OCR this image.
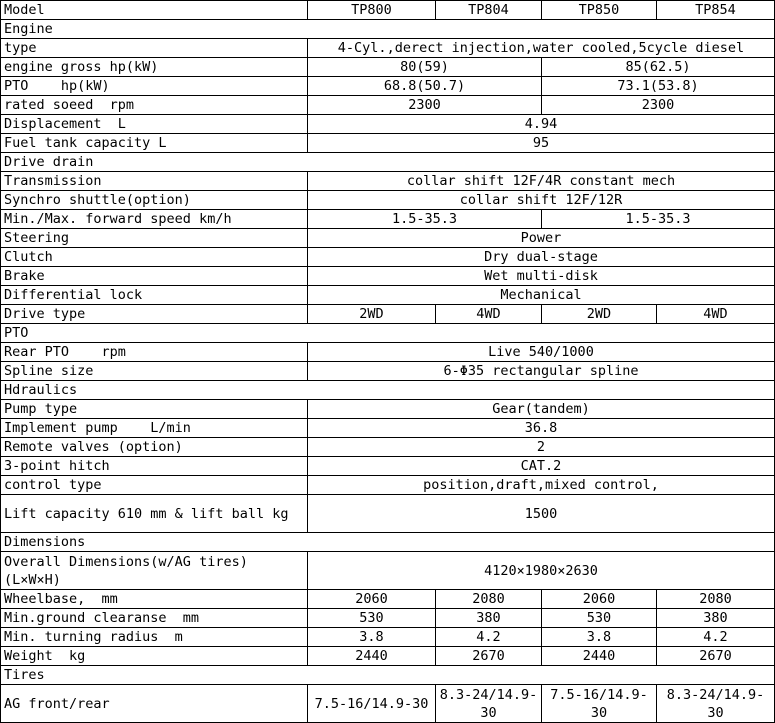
Model	TP800	TP804	TP850	TP854
Engine				
type	4-Cyl.,derect injection,water cooled,5cycle diesel			
engine gross hp(kW)	80(59)		85(62.5)	
PTO    hp(kW)	68.8(50.7)		73.1(53.8)	
rated soeed  rpm	2300		2300	
Displacement  L	4.94			
Fuel tank capacity L	95			
Drive drain				
Transmission	collar shift 12F/4R constant mech			
Synchro shuttle(option)	collar shift 12F/12R			
Min./Max. forward speed km/h	1.5-35.3		1.5-35.3	
Steering	Power			
Clutch	Dry dual-stage			
Brake	Wet multi-disk			
Differential lock	Mechanical			
Drive type	2WD	4WD	2WD	4WD
PTO				
Rear PTO    rpm	Live 540/1000			
Spline size	6-Φ35 rectangular spline			
Hdraulics				
Pump type	Gear(tandem)			
Implement pump    L/min	36.8			
Remote valves (option)	2			
3-point hitch	CAT.2			
control type	position,draft,mixed control,			
Lift capacity 610 mm & lift ball kg	1500			
Dimensions				
Overall Dimensions(w/AG tires)(L×W×H)	4120×1980×2630			
Wheelbase,  mm	2060	2080	2060	2080
Min.ground clearanse  mm	530	380	530	380
Min. turning radius  m	3.8	4.2	3.8	4.2
Weight  kg	2440	2670	2440	2670
Tires				
AG front/rear	7.5-16/14.9-30	8.3-24/14.9-30	7.5-16/14.9-30	8.3-24/14.9-30
